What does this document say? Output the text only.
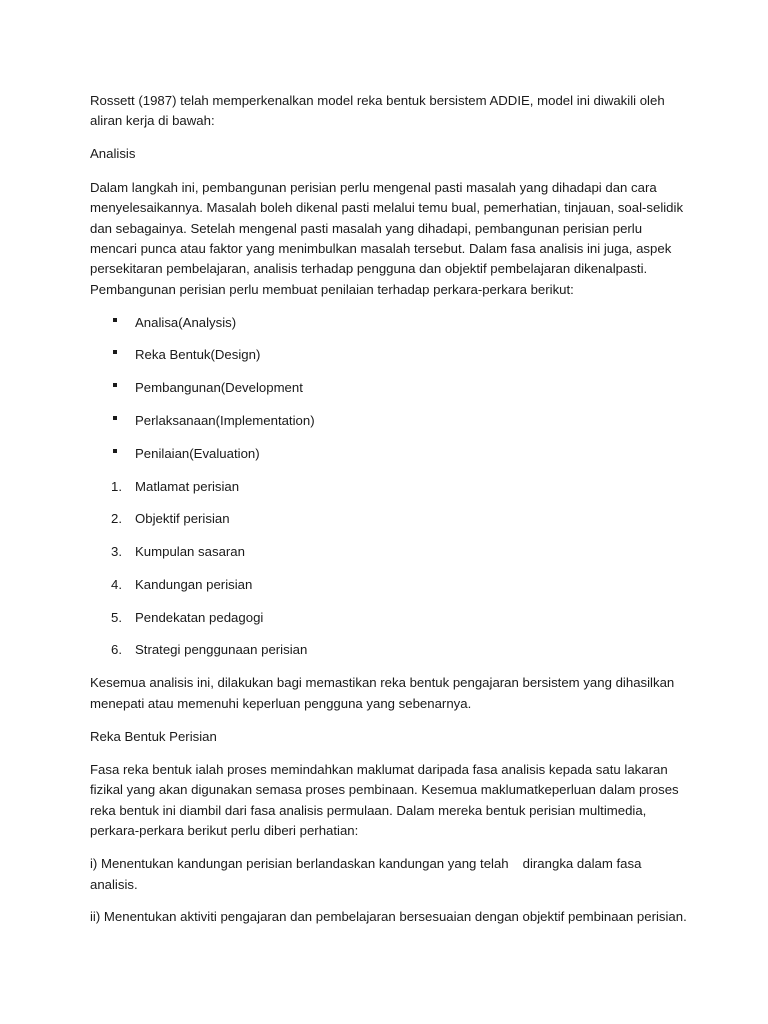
Rossett (1987) telah memperkenalkan model reka bentuk bersistem ADDIE, model ini diwakili oleh aliran kerja di bawah:

Analisis

Dalam langkah ini, pembangunan perisian perlu mengenal pasti masalah yang dihadapi dan cara menyelesaikannya. Masalah boleh dikenal pasti melalui temu bual, pemerhatian, tinjauan, soal-selidik dan sebagainya. Setelah mengenal pasti masalah yang dihadapi, pembangunan perisian perlu mencari punca atau faktor yang menimbulkan masalah tersebut. Dalam fasa analisis ini juga, aspek persekitaran pembelajaran, analisis terhadap pengguna dan objektif pembelajaran dikenalpasti. Pembangunan perisian perlu membuat penilaian terhadap perkara-perkara berikut:

Analisa(Analysis)
Reka Bentuk(Design)
Pembangunan(Development
Perlaksanaan(Implementation)
Penilaian(Evaluation)
1. Matlamat perisian
2. Objektif perisian
3. Kumpulan sasaran
4. Kandungan perisian
5. Pendekatan pedagogi
6. Strategi penggunaan perisian

Kesemua analisis ini, dilakukan bagi memastikan reka bentuk pengajaran bersistem yang dihasilkan menepati atau memenuhi keperluan pengguna yang sebenarnya.

Reka Bentuk Perisian

Fasa reka bentuk ialah proses memindahkan maklumat daripada fasa analisis kepada satu lakaran fizikal yang akan digunakan semasa proses pembinaan. Kesemua maklumatkeperluan dalam proses reka bentuk ini diambil dari fasa analisis permulaan. Dalam mereka bentuk perisian multimedia, perkara-perkara berikut perlu diberi perhatian:

i) Menentukan kandungan perisian berlandaskan kandungan yang telah dirangka dalam fasa analisis.

ii) Menentukan aktiviti pengajaran dan pembelajaran bersesuaian dengan objektif pembinaan perisian.
